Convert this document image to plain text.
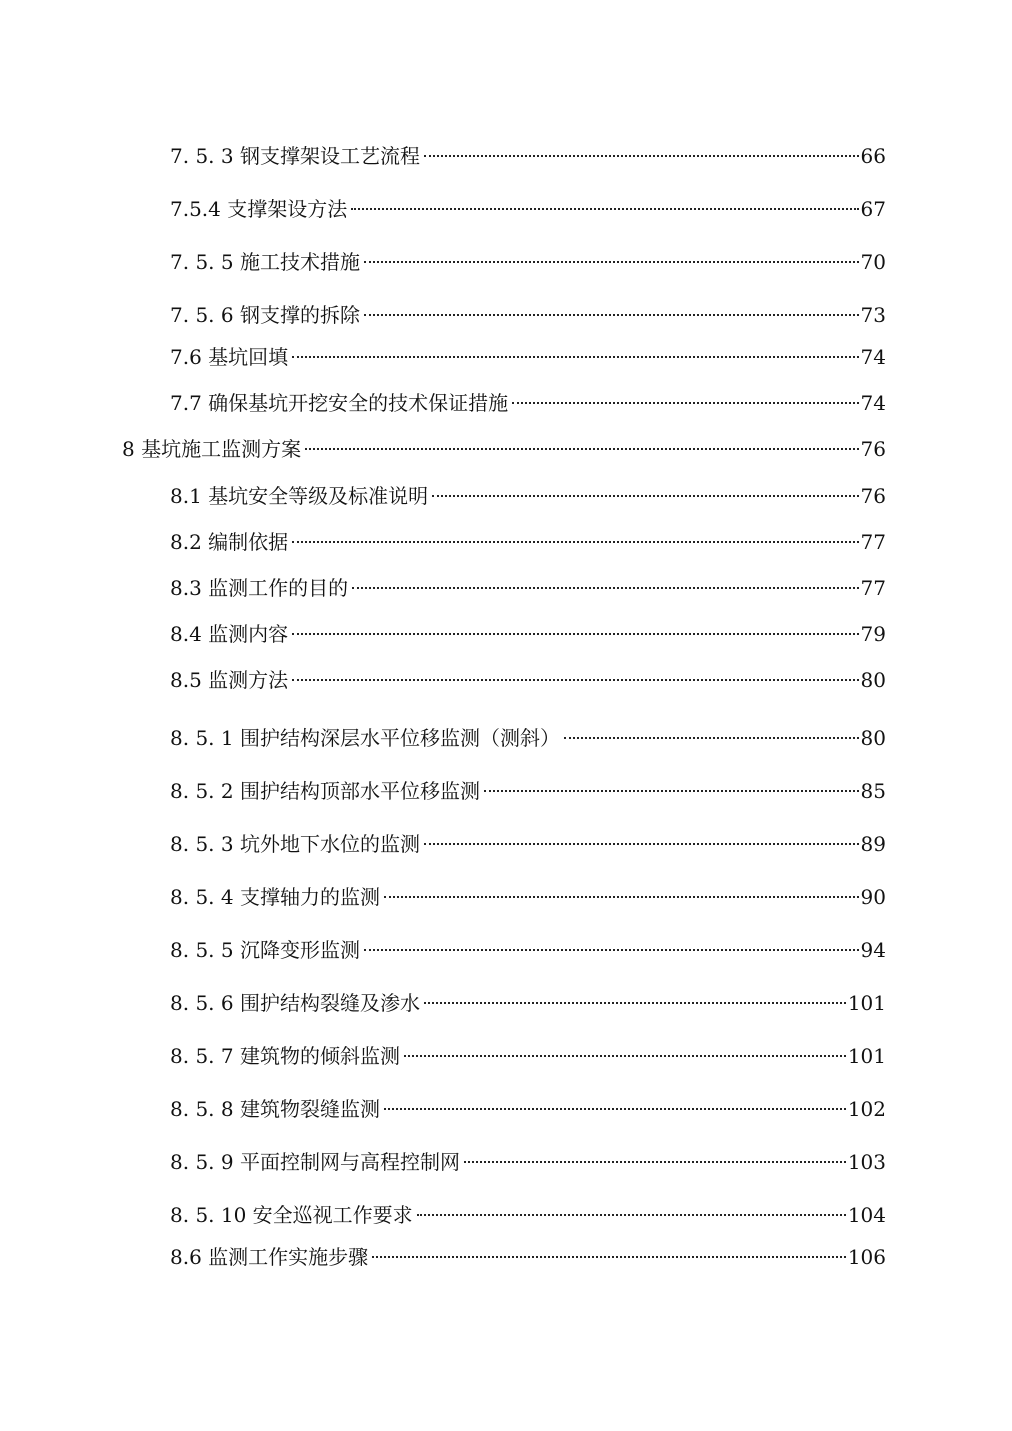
7. 5. 3 钢支撑架设工艺流程	66
7.5.4 支撑架设方法	67
7. 5. 5 施工技术措施	70
7. 5. 6 钢支撑的拆除	73
7.6 基坑回填	74
7.7 确保基坑开挖安全的技术保证措施	74
8 基坑施工监测方案	76
8.1 基坑安全等级及标准说明	76
8.2 编制依据	77
8.3 监测工作的目的	77
8.4 监测内容	79
8.5 监测方法	80
8. 5. 1 围护结构深层水平位移监测（测斜）	80
8. 5. 2 围护结构顶部水平位移监测	85
8. 5. 3 坑外地下水位的监测	89
8. 5. 4 支撑轴力的监测	90
8. 5. 5 沉降变形监测	94
8. 5. 6 围护结构裂缝及渗水	101
8. 5. 7 建筑物的倾斜监测	101
8. 5. 8 建筑物裂缝监测	102
8. 5. 9 平面控制网与高程控制网	103
8. 5. 10 安全巡视工作要求	104
8.6 监测工作实施步骤	106
